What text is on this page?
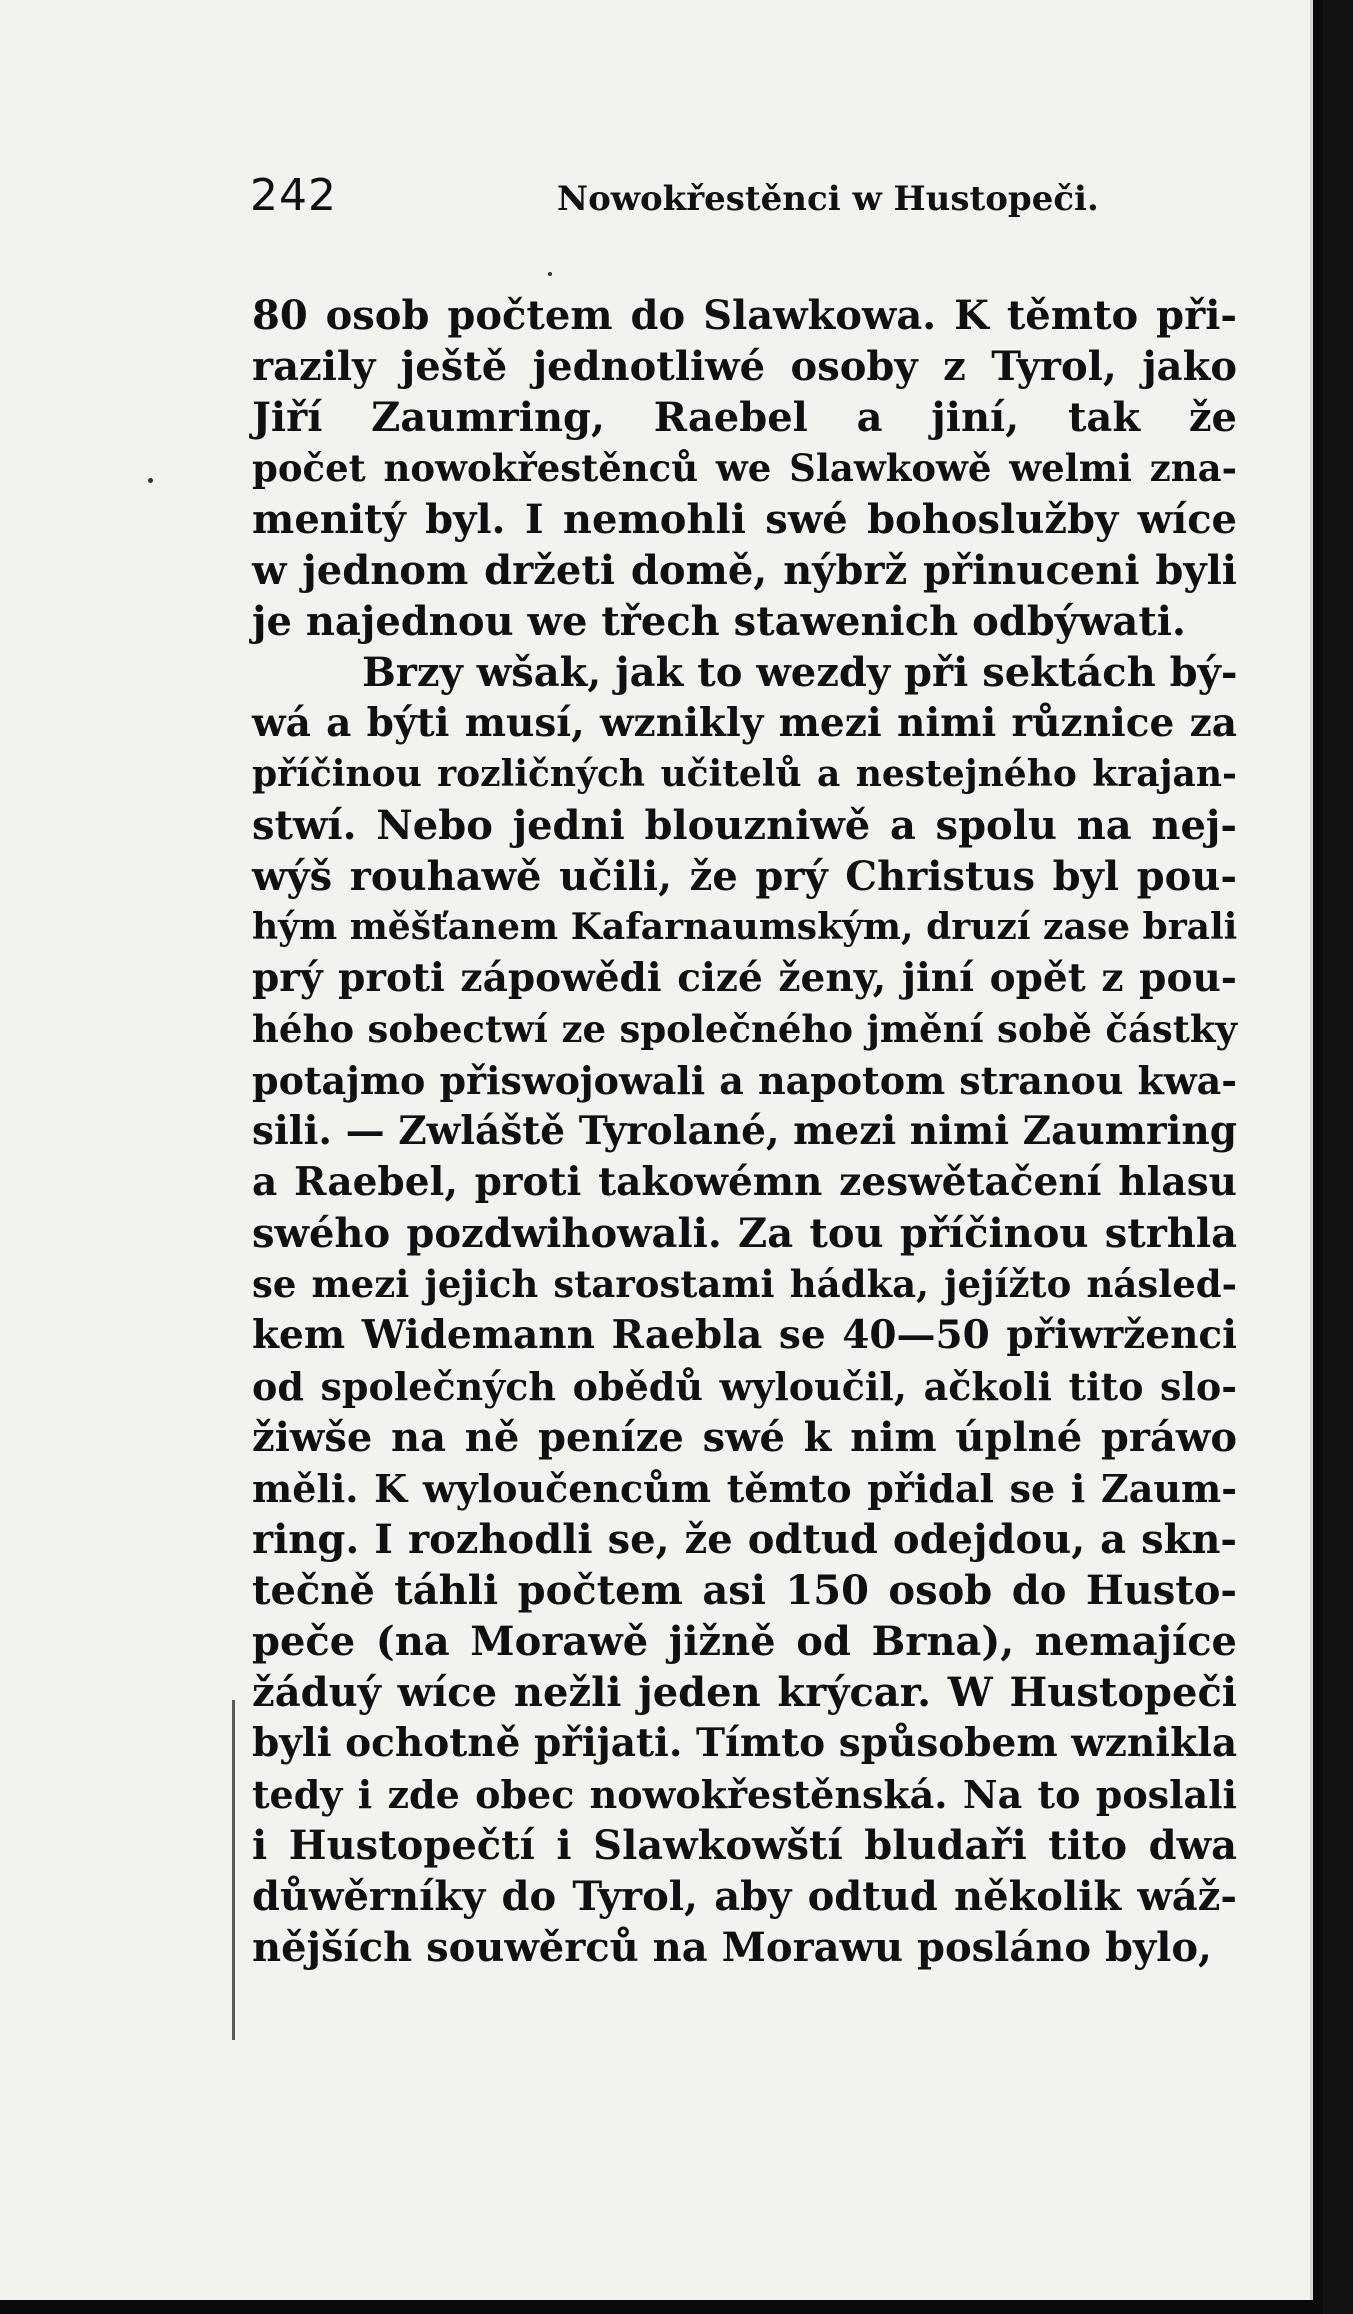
242	Nowokřestěnci w Hustopeči.
80 osob počtem do Slawkowa. K těmto při-
razily ještě jednotliwé osoby z Tyrol, jako
Jiří Zaumring, Raebel a jiní, tak že
počet nowokřestěnců we Slawkowě welmi zna-
menitý byl. I nemohli swé bohoslužby wíce
w jednom držeti domě, nýbrž přinuceni byli
je najednou we třech stawenich odbýwati.
Brzy wšak, jak to wezdy při sektách bý-
wá a býti musí, wznikly mezi nimi různice za
příčinou rozličných učitelů a nestejného krajan-
stwí. Nebo jedni blouzniwě a spolu na nej-
wýš rouhawě učili, že prý Christus byl pou-
hým měšťanem Kafarnaumským, druzí zase brali
prý proti zápowědi cizé ženy, jiní opět z pou-
hého sobectwí ze společného jmění sobě částky
potajmo přiswojowali a napotom stranou kwa-
sili. — Zwláště Tyrolané, mezi nimi Zaumring
a Raebel, proti takowémn zeswětačení hlasu
swého pozdwihowali. Za tou příčinou strhla
se mezi jejich starostami hádka, jejížto násled-
kem Widemann Raebla se 40—50 přiwrženci
od společných obědů wyloučil, ačkoli tito slo-
žiwše na ně peníze swé k nim úplné práwo
měli. K wyloučencům těmto přidal se i Zaum-
ring. I rozhodli se, že odtud odejdou, a skn-
tečně táhli počtem asi 150 osob do Husto-
peče (na Morawě jižně od Brna), nemajíce
žáduý wíce nežli jeden krýcar. W Hustopeči
byli ochotně přijati. Tímto spůsobem wznikla
tedy i zde obec nowokřestěnská. Na to poslali
i Hustopečtí i Slawkowští bludaři tito dwa
důwěrníky do Tyrol, aby odtud několik wáž-
nějších souwěrců na Morawu posláno bylo,
